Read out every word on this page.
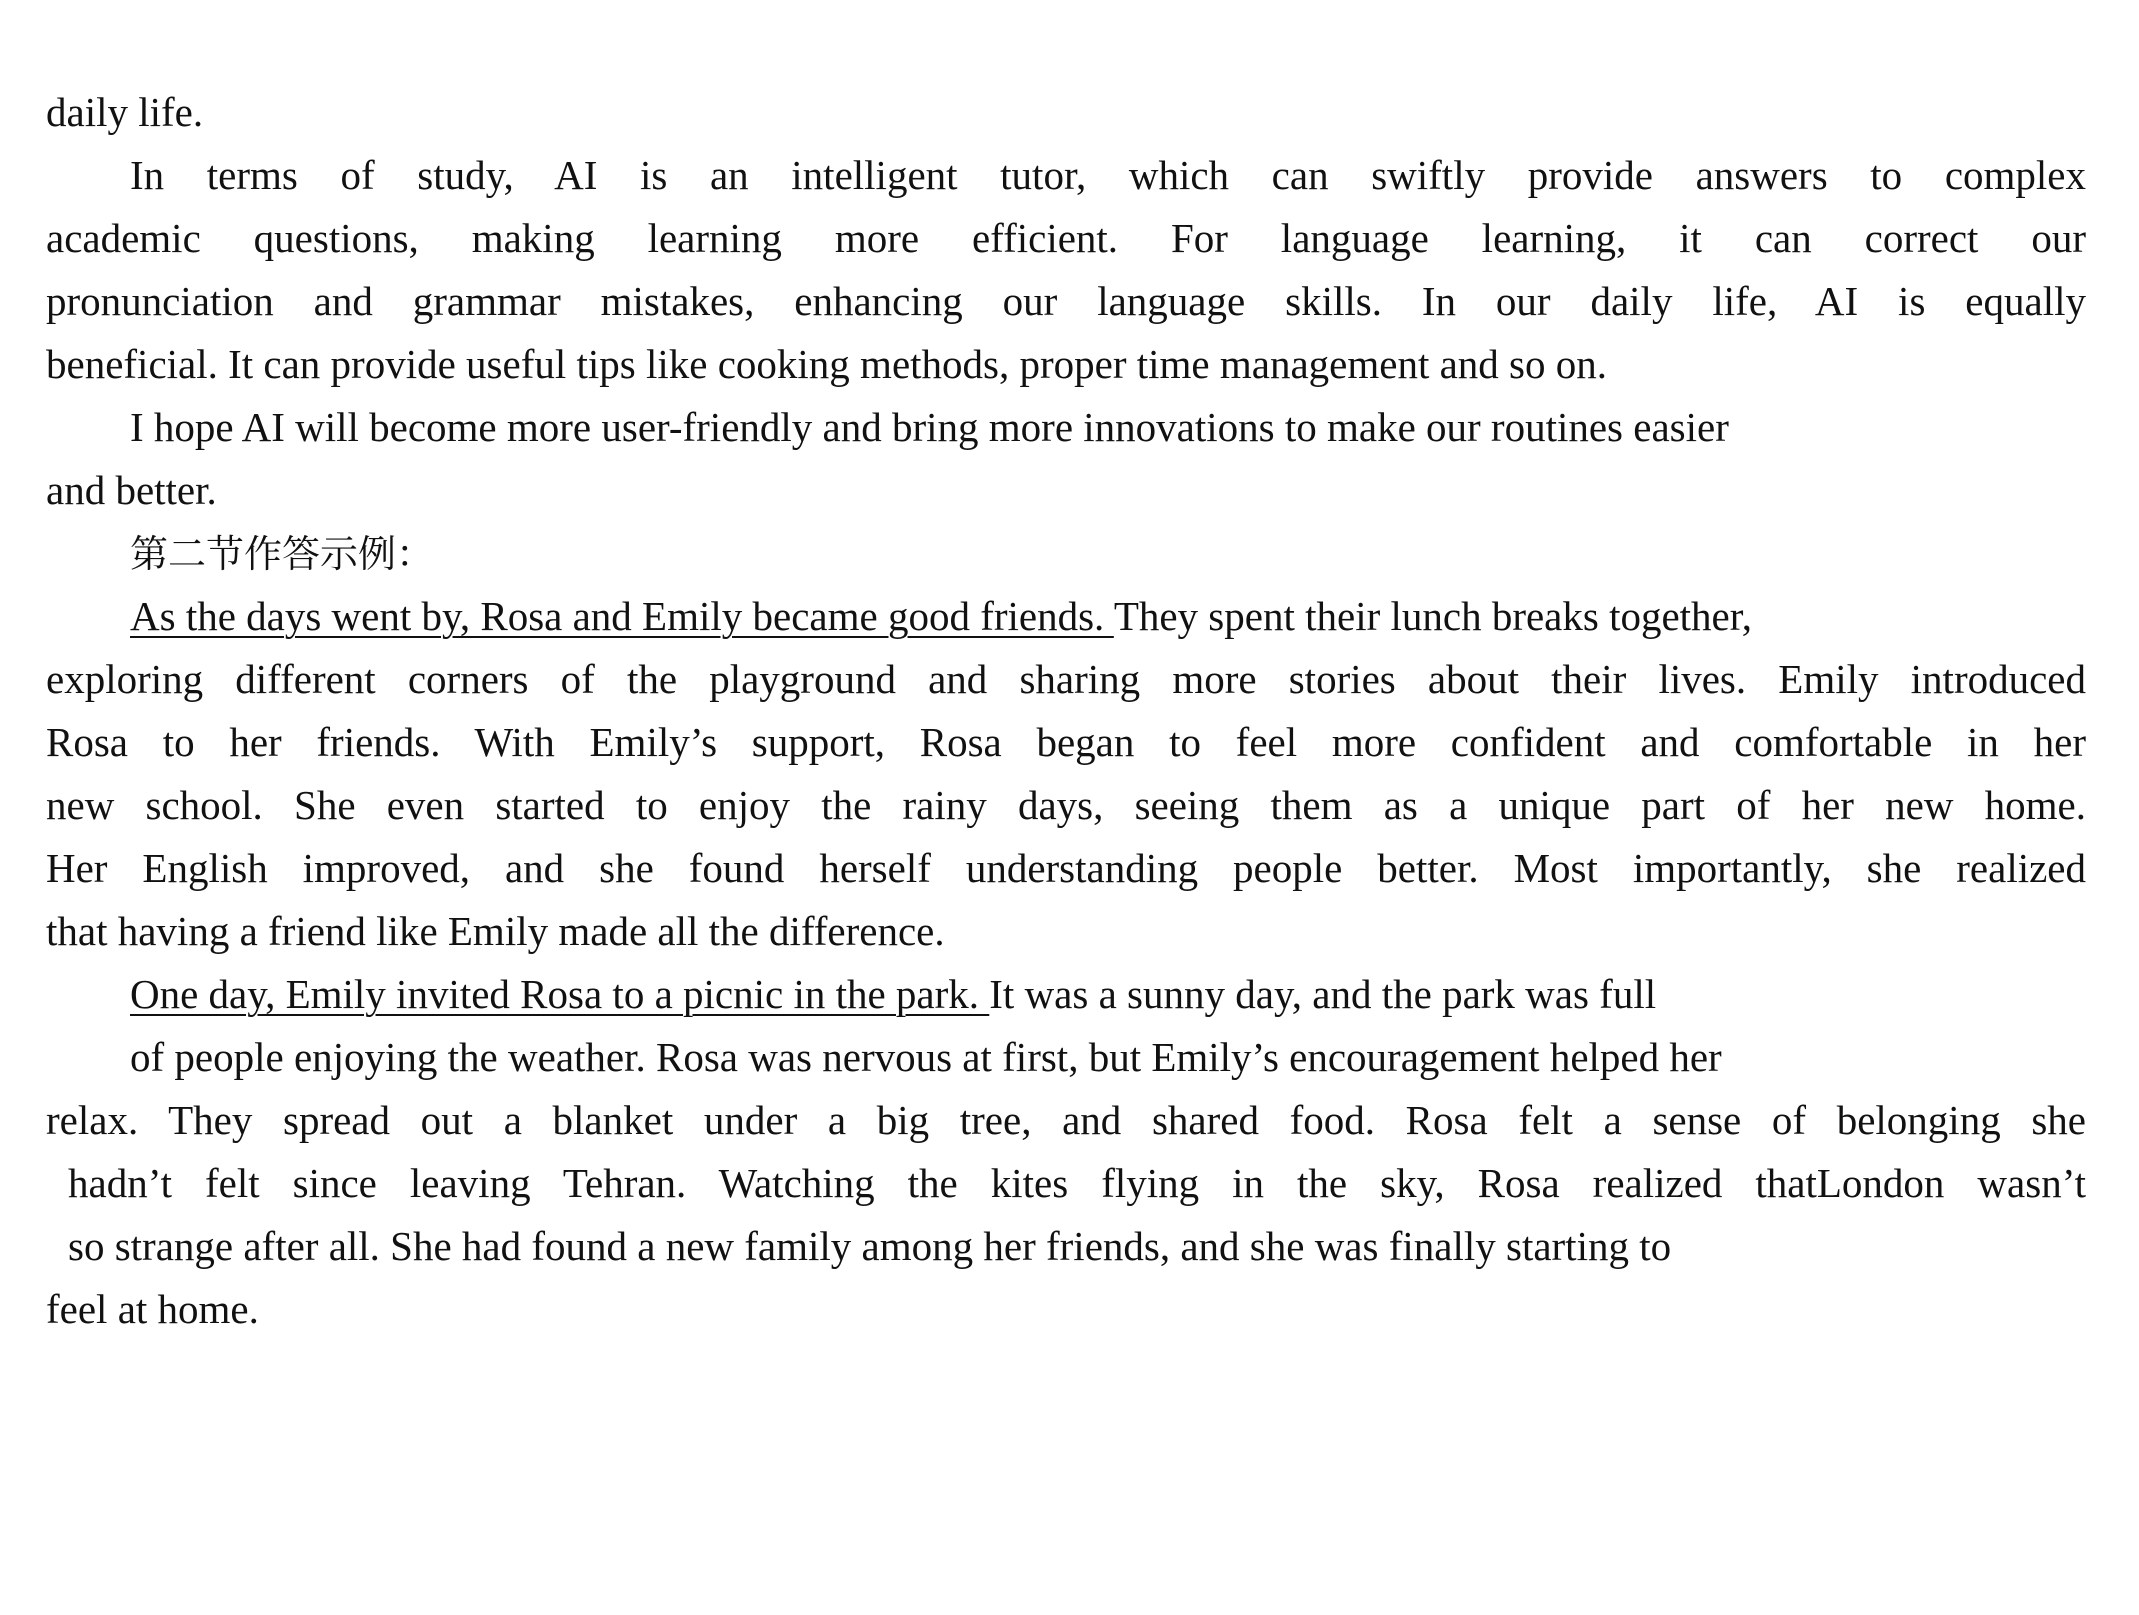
daily life.
In terms of study, AI is an intelligent tutor, which can swiftly provide answers to complex
academic questions, making learning more efficient. For language learning, it can correct our
pronunciation and grammar mistakes, enhancing our language skills. In our daily life, AI is equally
beneficial. It can provide useful tips like cooking methods, proper time management and so on.
I hope AI will become more user-friendly and bring more innovations to make our routines easier
and better.
第二节作答示例：
As the days went by, Rosa and Emily became good friends. They spent their lunch breaks together,
exploring different corners of the playground and sharing more stories about their lives. Emily introduced
Rosa to her friends. With Emily’s support, Rosa began to feel more confident and comfortable in her
new school. She even started to enjoy the rainy days, seeing them as a unique part of her new home.
Her English improved, and she found herself understanding people better. Most importantly, she realized
that having a friend like Emily made all the difference.
One day, Emily invited Rosa to a picnic in the park. It was a sunny day, and the park was full
of people enjoying the weather. Rosa was nervous at first, but Emily’s encouragement helped her
relax. They spread out a blanket under a big tree, and shared food. Rosa felt a sense of belonging she
hadn’t felt since leaving Tehran. Watching the kites flying in the sky, Rosa realized thatLondon wasn’t
so strange after all. She had found a new family among her friends, and she was finally starting to
feel at home.
